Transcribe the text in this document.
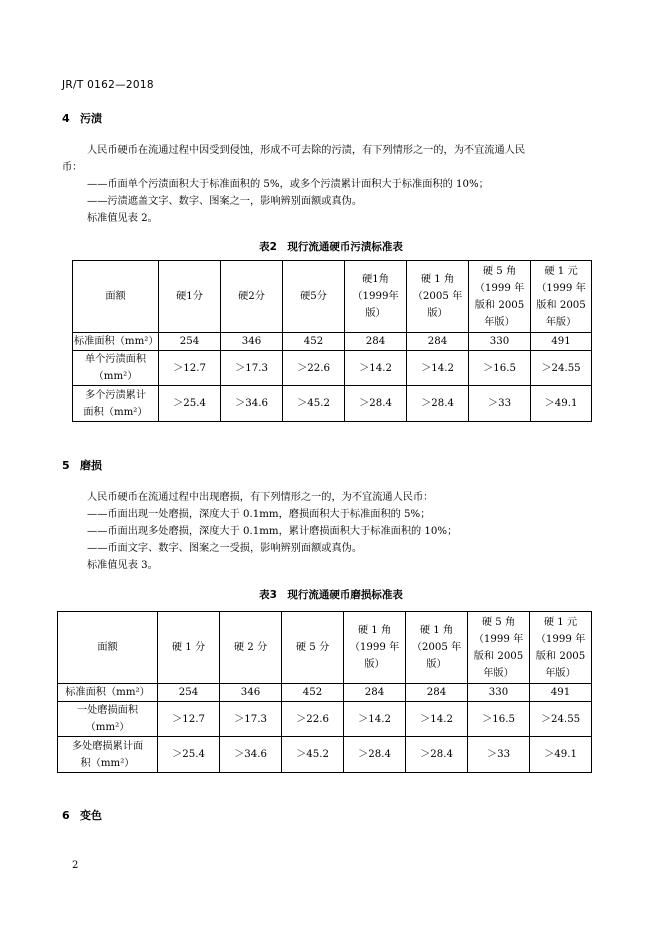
JR/T 0162—2018
4 污渍
人民币硬币在流通过程中因受到侵蚀，形成不可去除的污渍，有下列情形之一的，为不宜流通人民
币：
——币面单个污渍面积大于标准面积的 5%，或多个污渍累计面积大于标准面积的 10%；
——污渍遮盖文字、数字、图案之一，影响辨别面额或真伪。
标准值见表 2。
表2　现行流通硬币污渍标准表
面额	硬1分	硬2分	硬5分	硬1角
（1999年
版）	硬 1 角
（2005 年
版）	硬 5 角
（1999 年
版和 2005
年版）	硬 1 元
（1999 年
版和 2005
年版）
标准面积（mm²）	254	346	452	284	284	330	491
单个污渍面积
（mm²）	＞12.7	＞17.3	＞22.6	＞14.2	＞14.2	＞16.5	＞24.55
多个污渍累计
面积（mm²）	＞25.4	＞34.6	＞45.2	＞28.4	＞28.4	＞33	＞49.1
5 磨损
人民币硬币在流通过程中出现磨损，有下列情形之一的，为不宜流通人民币：
——币面出现一处磨损，深度大于 0.1mm，磨损面积大于标准面积的 5%；
——币面出现多处磨损，深度大于 0.1mm，累计磨损面积大于标准面积的 10%；
——币面文字、数字、图案之一受损，影响辨别面额或真伪。
标准值见表 3。
表3　现行流通硬币磨损标准表
面额	硬 1 分	硬 2 分	硬 5 分	硬 1 角
（1999 年
版）	硬 1 角
（2005 年
版）	硬 5 角
（1999 年
版和 2005
年版）	硬 1 元
（1999 年
版和 2005
年版）
标准面积（mm²）	254	346	452	284	284	330	491
一处磨损面积
（mm²）	＞12.7	＞17.3	＞22.6	＞14.2	＞14.2	＞16.5	＞24.55
多处磨损累计面
积（mm²）	＞25.4	＞34.6	＞45.2	＞28.4	＞28.4	＞33	＞49.1
6 变色
2
